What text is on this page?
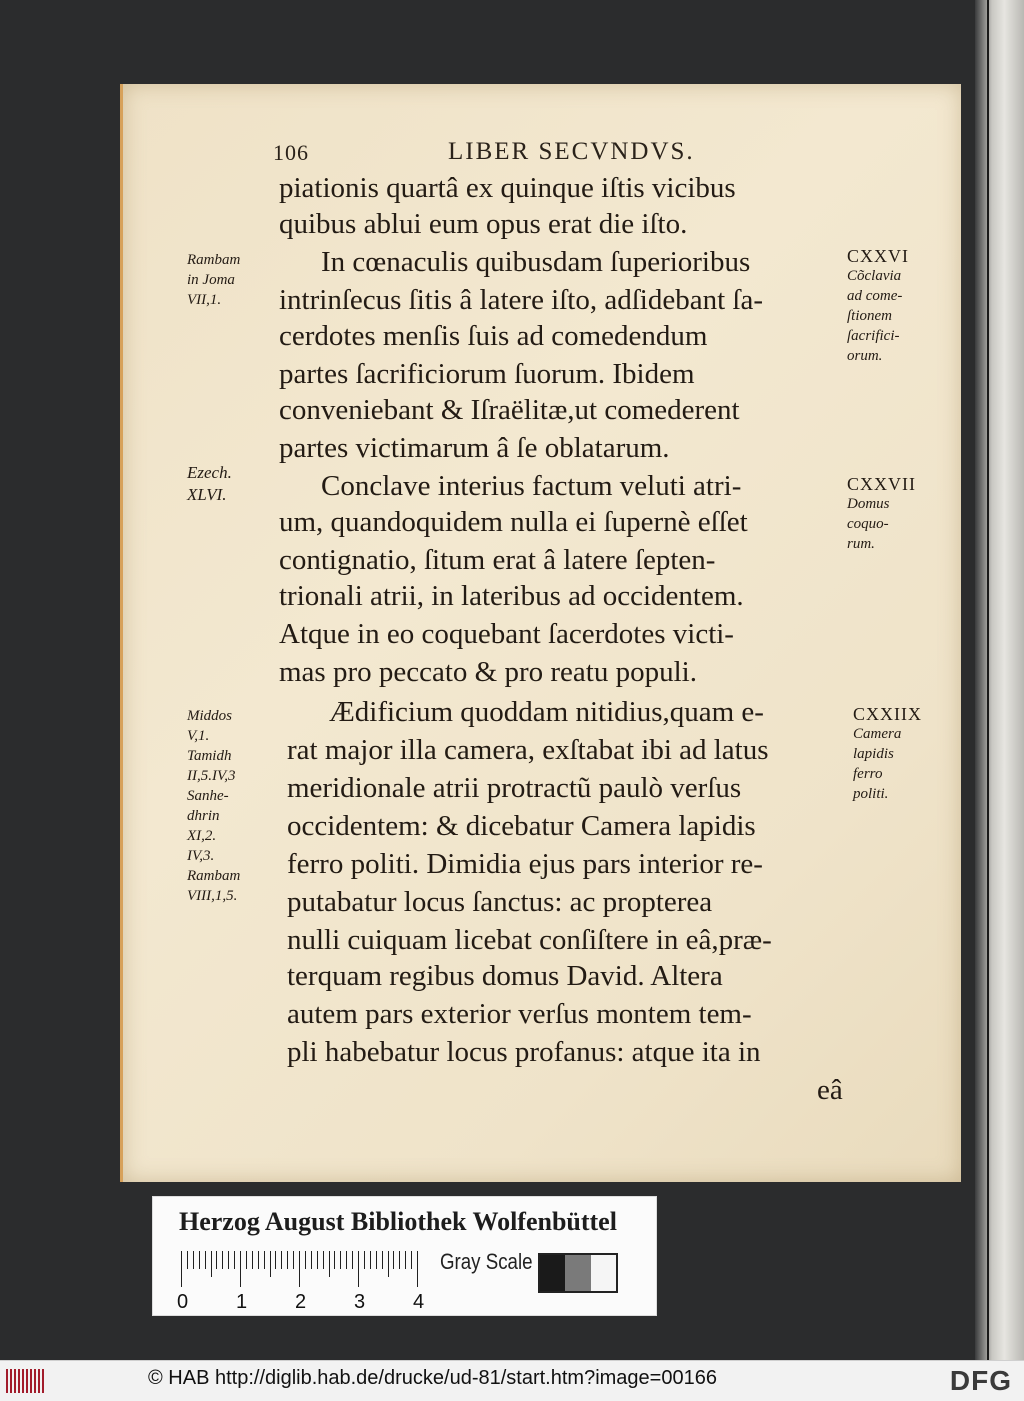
106	LIBER SECVNDVS.
piationis quartâ ex quinque iſtis vicibus
quibus ablui eum opus erat die iſto.
In cœnaculis quibusdam ſuperioribus
intrinſecus ſitis â latere iſto, adſidebant ſa-
cerdotes menſis ſuis ad comedendum
partes ſacrificiorum ſuorum. Ibidem
conveniebant & Iſraëlitæ,ut comederent
partes victimarum â ſe oblatarum.
Conclave interius factum veluti atri-
um, quandoquidem nulla ei ſupernè eſſet
contignatio, ſitum erat â latere ſepten-
trionali atrii, in lateribus ad occidentem.
Atque in eo coquebant ſacerdotes victi-
mas pro peccato & pro reatu populi.
Ædificium quoddam nitidius,quam e-
rat major illa camera, exſtabat ibi ad latus
meridionale atrii protractũ paulò verſus
occidentem: & dicebatur Camera lapidis
ferro politi. Dimidia ejus pars interior re-
putabatur locus ſanctus: ac propterea
nulli cuiquam licebat conſiſtere in eâ,præ-
terquam regibus domus David. Altera
autem pars exterior verſus montem tem-
pli habebatur locus profanus: atque ita in
eâ
Rambam
in Joma
VII,1.
Ezech.
XLVI.
Middos
V,1.
Tamidh
II,5.IV,3
Sanhe-
dhrin
XI,2.
IV,3.
Rambam
VIII,1,5.
CXXVI
Cõclavia
ad come-
ſtionem
ſacrifici-
orum.
CXXVII
Domus
coquo-
rum.
CXXIIX
Camera
lapidis
ferro
politi.
Herzog August Bibliothek Wolfenbüttel
0 1 2 3 4
Gray Scale
© HAB http://diglib.hab.de/drucke/ud-81/start.htm?image=00166	DFG
